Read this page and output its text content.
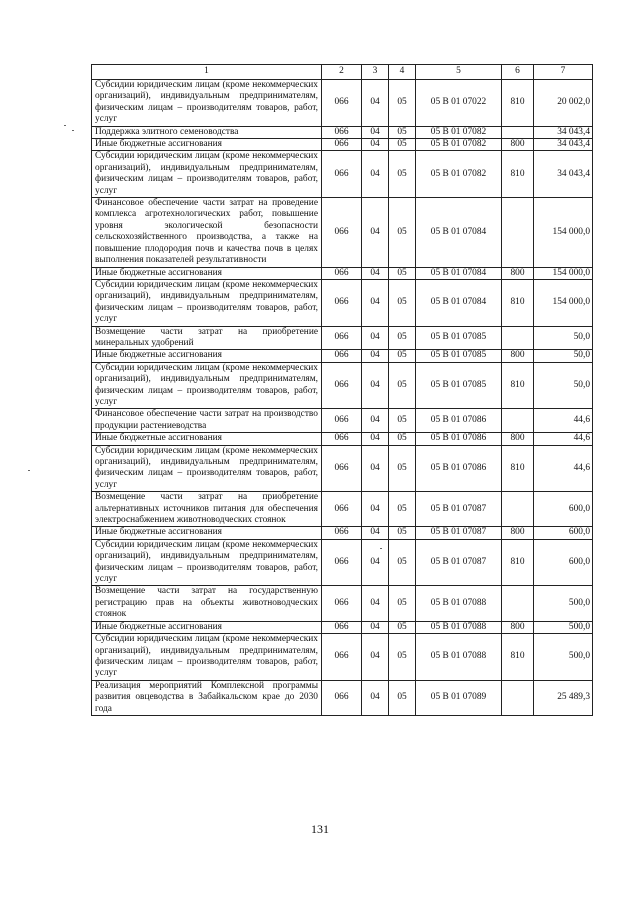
1	2	3	4	5	6	7
Субсидии юридическим лицам (кроме некоммерческих организаций), индивидуальным предпринимателям, физическим лицам – производителям товаров, работ, услуг	066	04	05	05 В 01 07022	810	20 002,0
Поддержка элитного семеноводства	066	04	05	05 В 01 07082		34 043,4
Иные бюджетные ассигнования	066	04	05	05 В 01 07082	800	34 043,4
Субсидии юридическим лицам (кроме некоммерческих организаций), индивидуальным предпринимателям, физическим лицам – производителям товаров, работ, услуг	066	04	05	05 В 01 07082	810	34 043,4
Финансовое обеспечение части затрат на проведение комплекса агротехнологических работ, повышение уровня экологической безопасности сельскохозяйственного производства, а также на повышение плодородия почв и качества почв в целях выполнения показателей результативности	066	04	05	05 В 01 07084		154 000,0
Иные бюджетные ассигнования	066	04	05	05 В 01 07084	800	154 000,0
Субсидии юридическим лицам (кроме некоммерческих организаций), индивидуальным предпринимателям, физическим лицам – производителям товаров, работ, услуг	066	04	05	05 В 01 07084	810	154 000,0
Возмещение части затрат на приобретение минеральных удобрений	066	04	05	05 В 01 07085		50,0
Иные бюджетные ассигнования	066	04	05	05 В 01 07085	800	50,0
Субсидии юридическим лицам (кроме некоммерческих организаций), индивидуальным предпринимателям, физическим лицам – производителям товаров, работ, услуг	066	04	05	05 В 01 07085	810	50,0
Финансовое обеспечение части затрат на производство продукции растениеводства	066	04	05	05 В 01 07086		44,6
Иные бюджетные ассигнования	066	04	05	05 В 01 07086	800	44,6
Субсидии юридическим лицам (кроме некоммерческих организаций), индивидуальным предпринимателям, физическим лицам – производителям товаров, работ, услуг	066	04	05	05 В 01 07086	810	44,6
Возмещение части затрат на приобретение альтернативных источников питания для обеспечения электроснабжением животноводческих стоянок	066	04	05	05 В 01 07087		600,0
Иные бюджетные ассигнования	066	04	05	05 В 01 07087	800	600,0
Субсидии юридическим лицам (кроме некоммерческих организаций), индивидуальным предпринимателям, физическим лицам – производителям товаров, работ, услуг	066	04	05	05 В 01 07087	810	600,0
Возмещение части затрат на государственную регистрацию прав на объекты животноводческих стоянок	066	04	05	05 В 01 07088		500,0
Иные бюджетные ассигнования	066	04	05	05 В 01 07088	800	500,0
Субсидии юридическим лицам (кроме некоммерческих организаций), индивидуальным предпринимателям, физическим лицам – производителям товаров, работ, услуг	066	04	05	05 В 01 07088	810	500,0
Реализация мероприятий Комплексной программы развития овцеводства в Забайкальском крае до 2030 года	066	04	05	05 В 01 07089		25 489,3
131
